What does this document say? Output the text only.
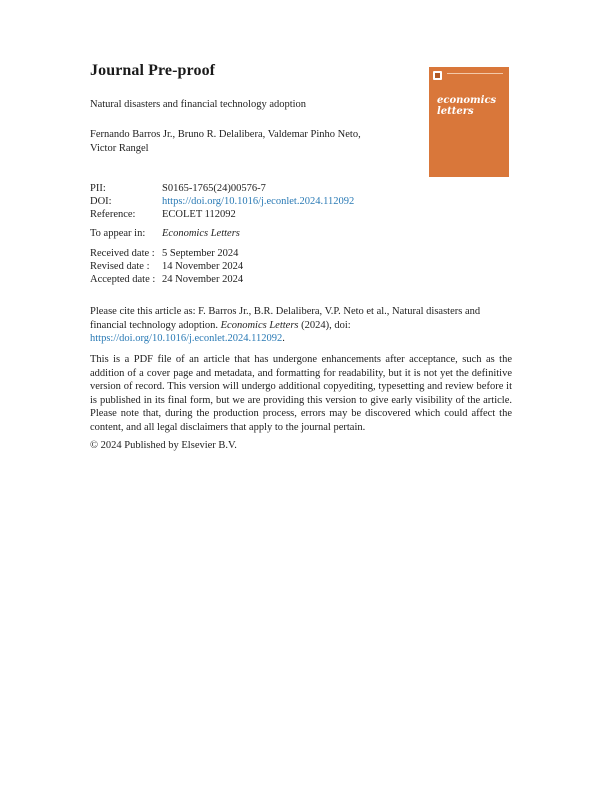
Journal Pre-proof
Natural disasters and financial technology adoption
Fernando Barros Jr., Bruno R. Delalibera, Valdemar Pinho Neto,
Victor Rangel
economics
letters
PII:	S0165-1765(24)00576-7
DOI:	https://doi.org/10.1016/j.econlet.2024.112092
Reference:	ECOLET 112092
To appear in:	Economics Letters
Received date : 5 September 2024
Revised date :	14 November 2024
Accepted date : 24 November 2024
Please cite this article as: F. Barros Jr., B.R. Delalibera, V.P. Neto et al., Natural disasters and financial technology adoption. Economics Letters (2024), doi:
https://doi.org/10.1016/j.econlet.2024.112092.
This is a PDF file of an article that has undergone enhancements after acceptance, such as the addition of a cover page and metadata, and formatting for readability, but it is not yet the definitive version of record. This version will undergo additional copyediting, typesetting and review before it is published in its final form, but we are providing this version to give early visibility of the article. Please note that, during the production process, errors may be discovered which could affect the content, and all legal disclaimers that apply to the journal pertain.
© 2024 Published by Elsevier B.V.
